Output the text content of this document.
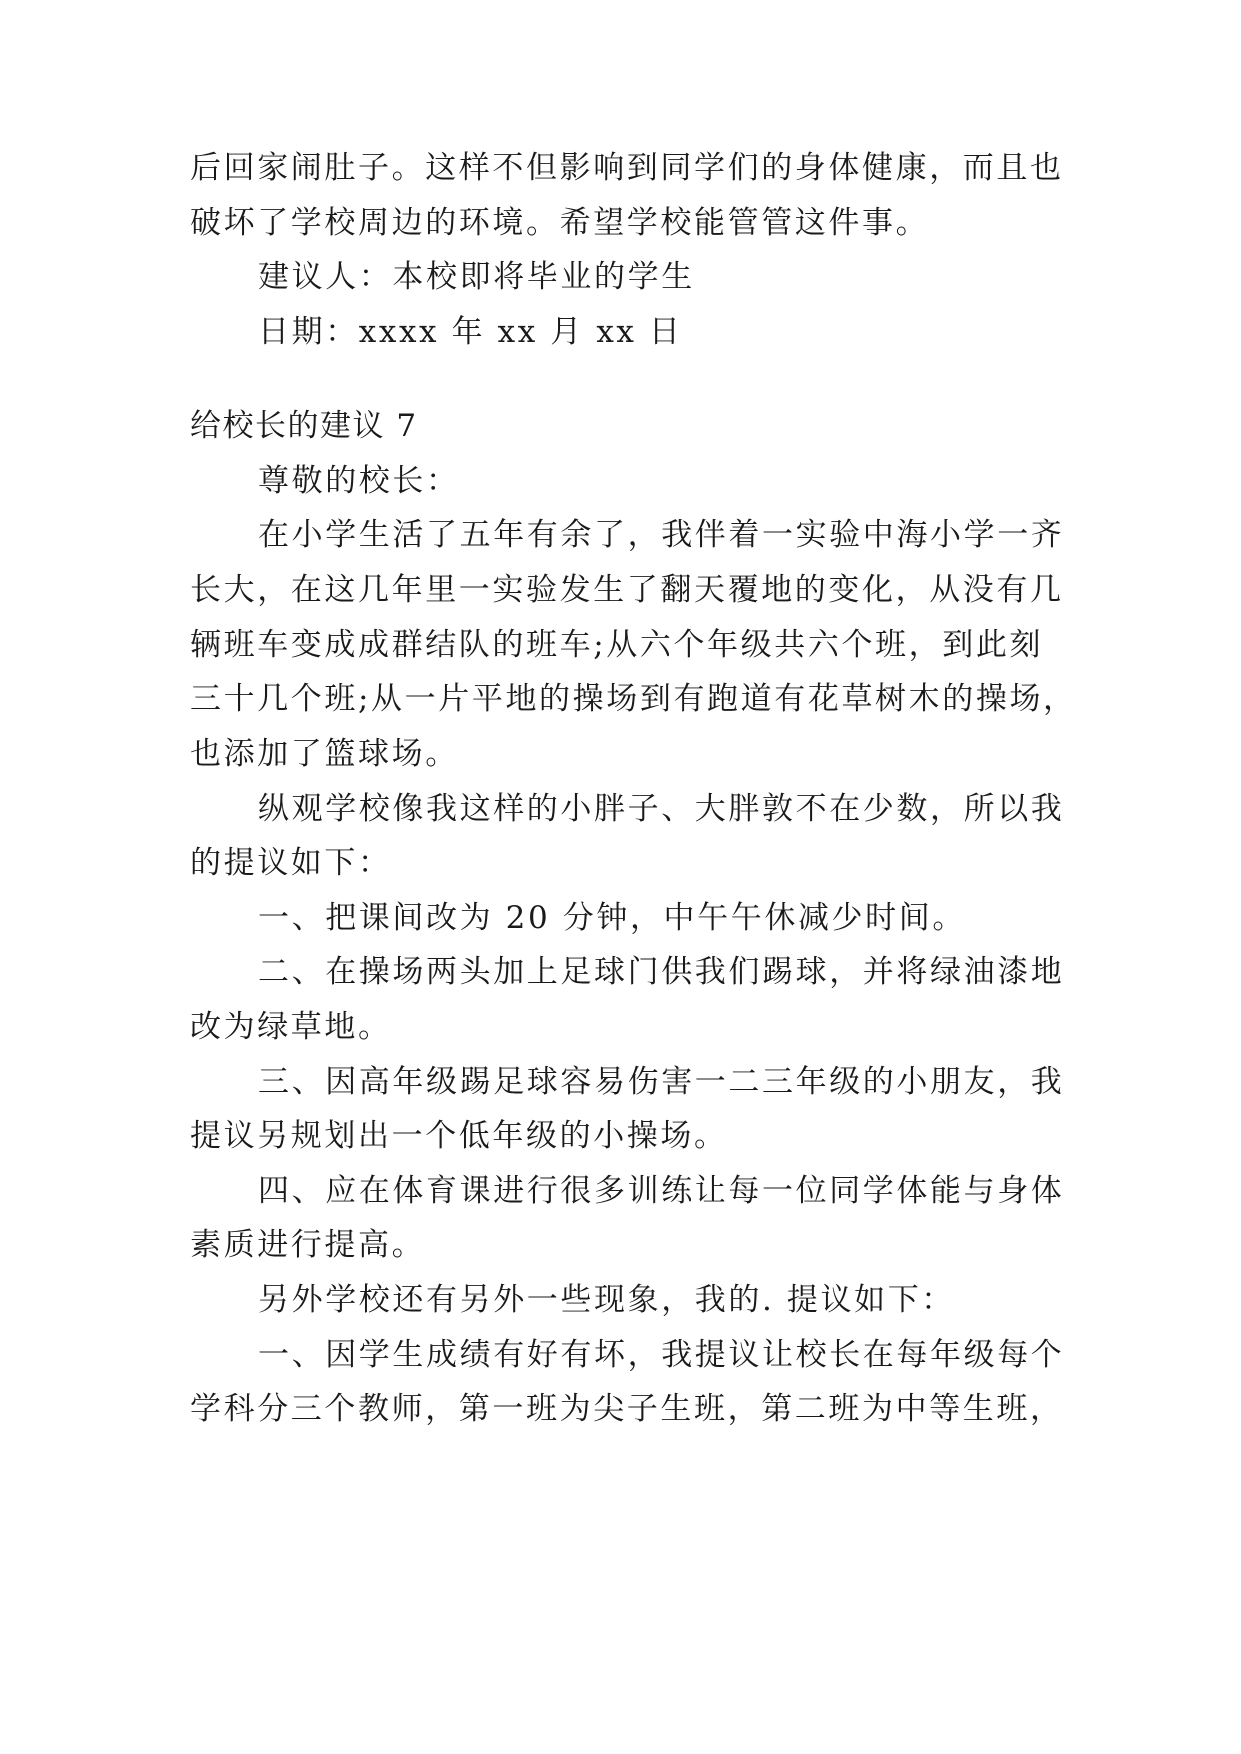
后回家闹肚子。这样不但影响到同学们的身体健康，而且也
破坏了学校周边的环境。希望学校能管管这件事。
建议人：本校即将毕业的学生
日期：xxxx 年 xx 月 xx 日
给校长的建议 7
尊敬的校长：
在小学生活了五年有余了，我伴着一实验中海小学一齐
长大，在这几年里一实验发生了翻天覆地的变化，从没有几
辆班车变成成群结队的班车;从六个年级共六个班，到此刻
三十几个班;从一片平地的操场到有跑道有花草树木的操场，
也添加了篮球场。
纵观学校像我这样的小胖子、大胖敦不在少数，所以我
的提议如下：
一、把课间改为 20 分钟，中午午休减少时间。
二、在操场两头加上足球门供我们踢球，并将绿油漆地
改为绿草地。
三、因高年级踢足球容易伤害一二三年级的小朋友，我
提议另规划出一个低年级的小操场。
四、应在体育课进行很多训练让每一位同学体能与身体
素质进行提高。
另外学校还有另外一些现象，我的. 提议如下：
一、因学生成绩有好有坏，我提议让校长在每年级每个
学科分三个教师，第一班为尖子生班，第二班为中等生班，
